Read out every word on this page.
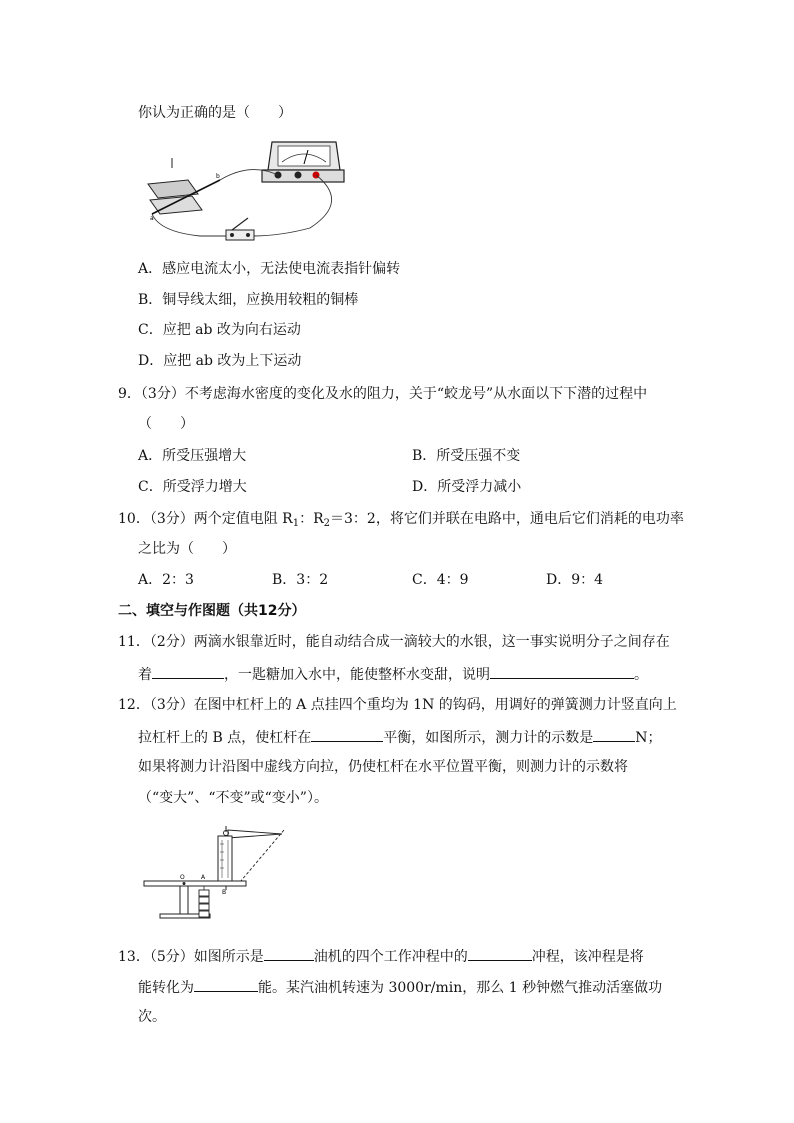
你认为正确的是（　　）
b
a
A．感应电流太小，无法使电流表指针偏转
B．铜导线太细，应换用较粗的铜棒
C．应把 ab 改为向右运动
D．应把 ab 改为上下运动
9．（3分）不考虑海水密度的变化及水的阻力，关于“蛟龙号”从水面以下下潜的过程中
（　　）
A．所受压强增大	B．所受压强不变
C．所受浮力增大	D．所受浮力减小
10．（3分）两个定值电阻 $R_1$：$R_2=3$：2，将它们并联在电路中，通电后它们消耗的电功率
之比为（　　）
A．2：3	B．3：2	C．4：9	D．9：4
二、填空与作图题（共12分）
11．（2分）两滴水银靠近时，能自动结合成一滴较大的水银，这一事实说明分子之间存在
着	，一匙糖加入水中，能使整杯水变甜，说明	。
12．（3分）在图中杠杆上的 A 点挂四个重均为 1N 的钩码，用调好的弹簧测力计竖直向上
拉杠杆上的 B 点，使杠杆在	平衡，如图所示，测力计的示数是	N；
如果将测力计沿图中虚线方向拉，仍使杠杆在水平位置平衡，则测力计的示数将
（“变大”、“不变”或“变小”）。
O	A
B
13．（5分）如图所示是	油机的四个工作冲程中的	冲程，该冲程是将
能转化为	能。某汽油机转速为 3000r/min，那么 1 秒钟燃气推动活塞做功
次。
